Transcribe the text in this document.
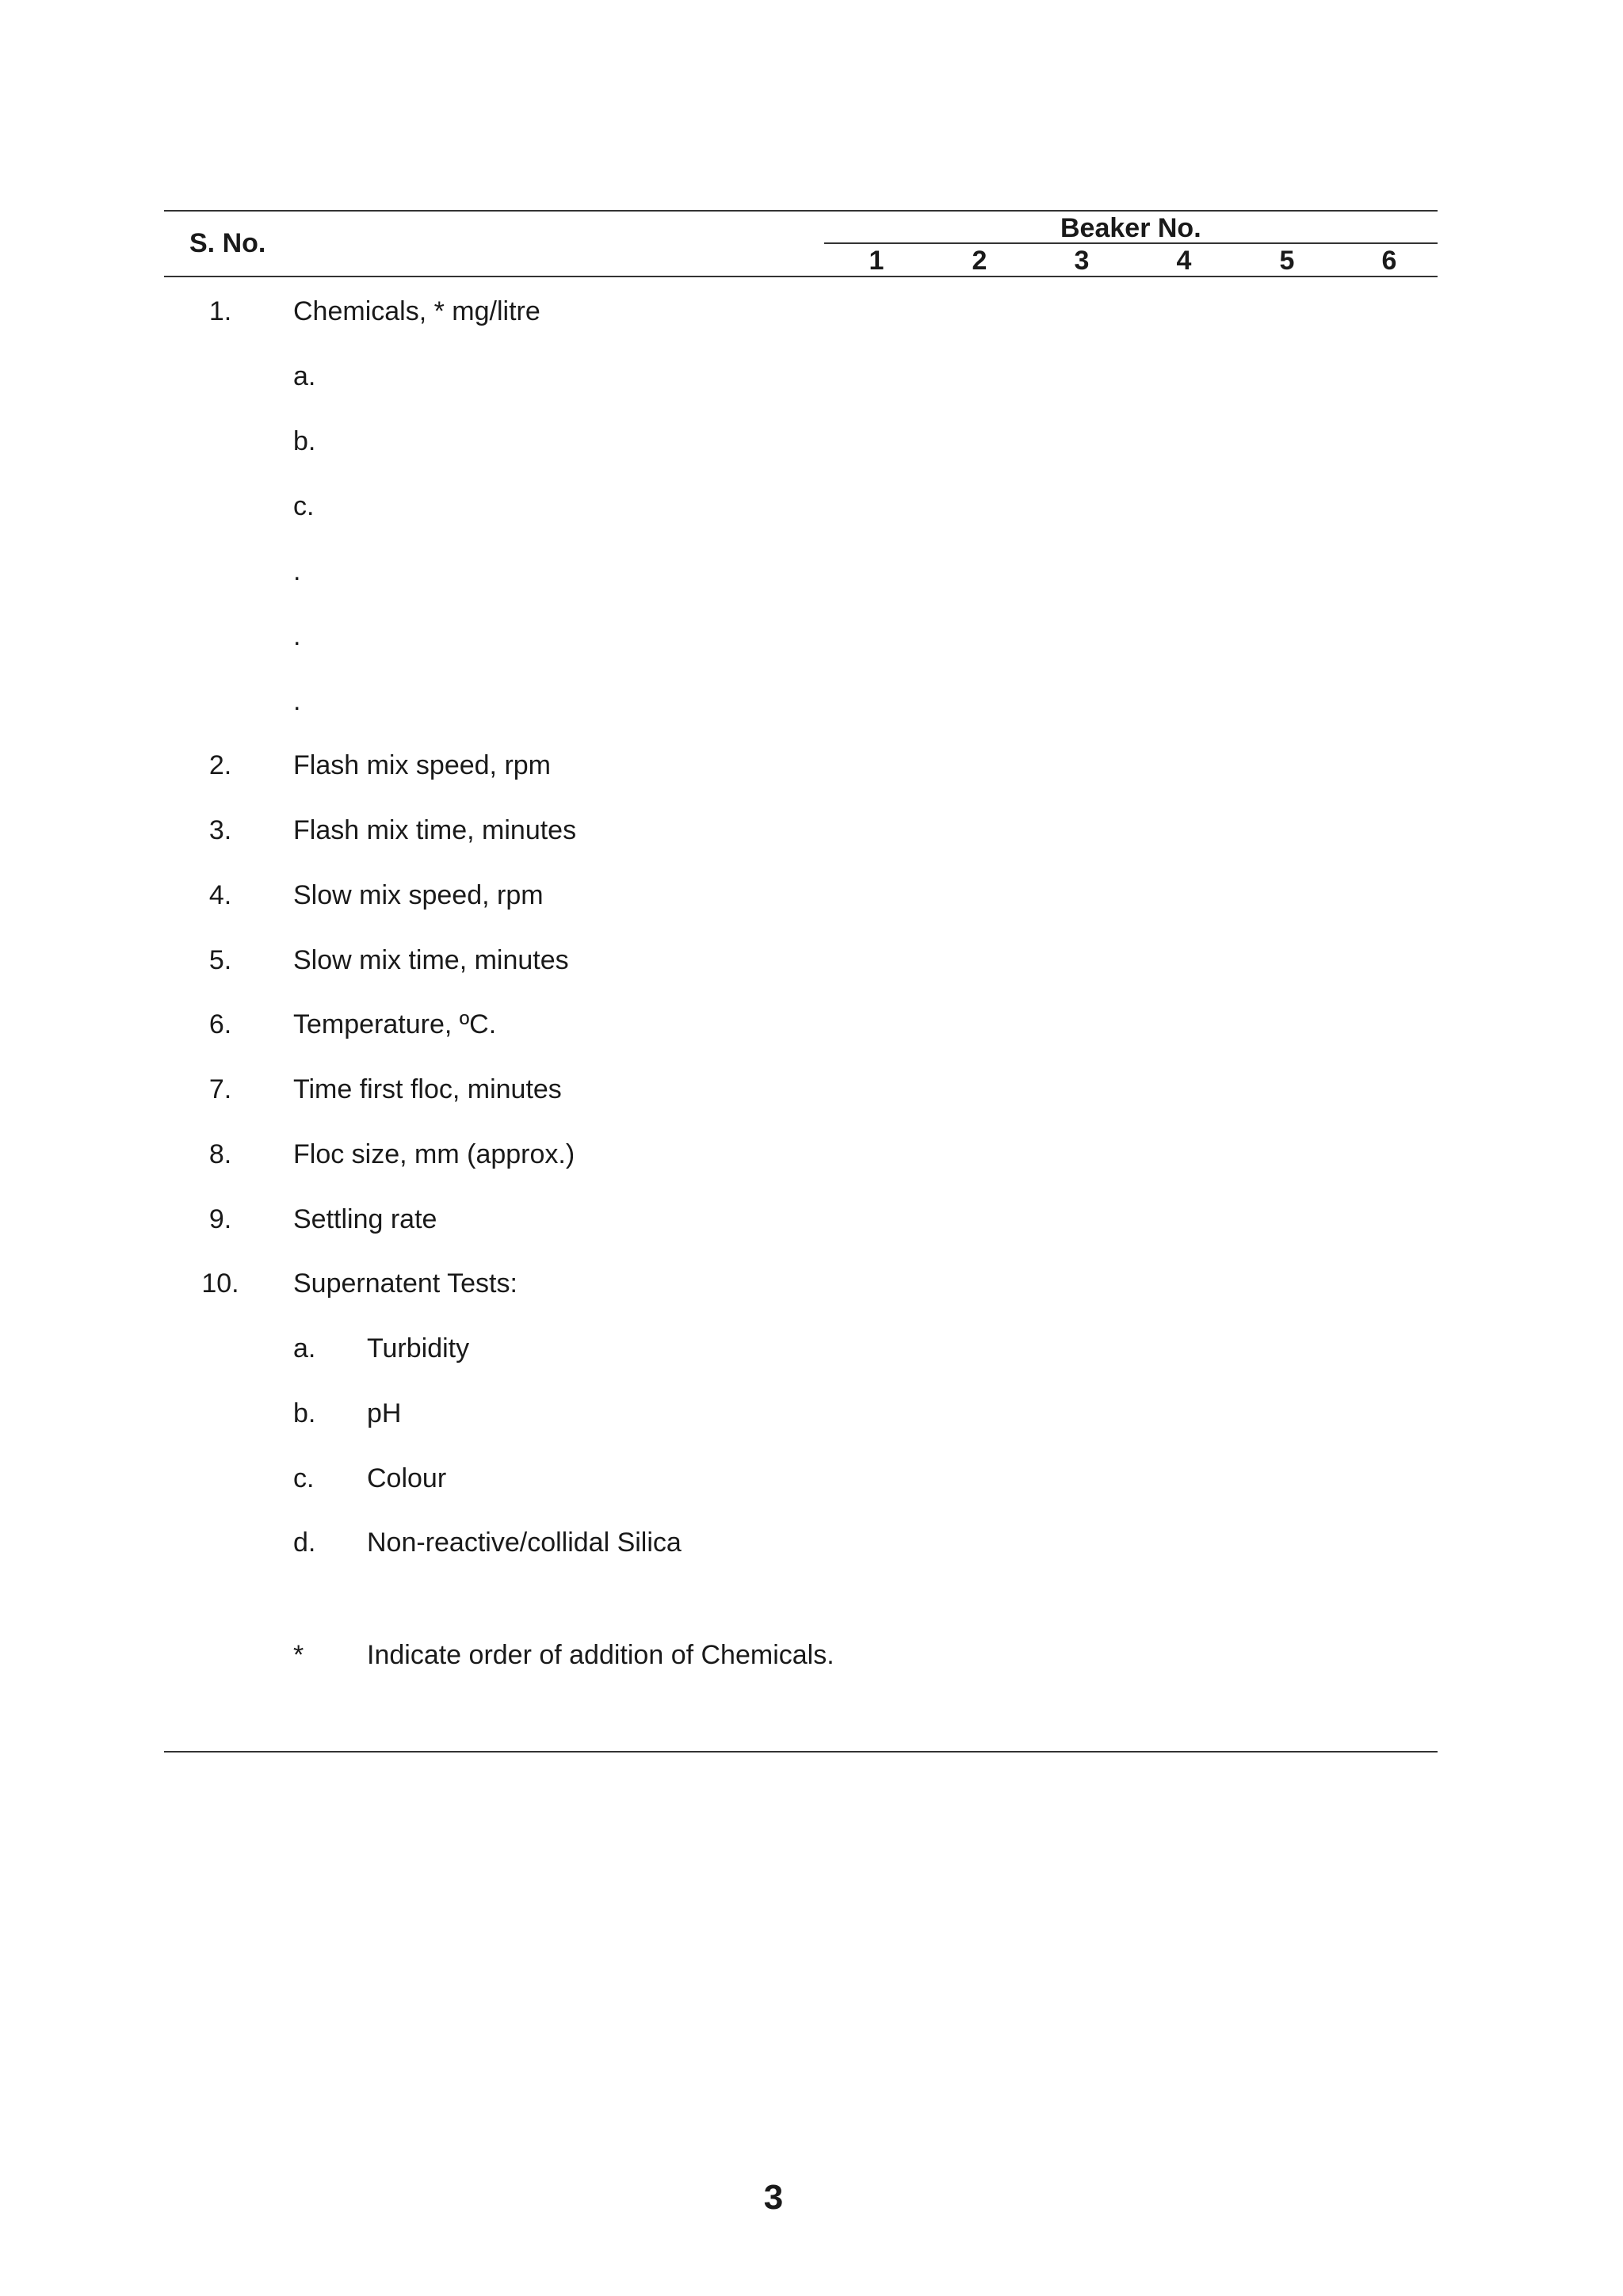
S. No.	Beaker No.
1	2	3	4	5	6
1.	Chemicals, * mg/litre
a.
b.
c.
.
.
.
2.	Flash mix speed, rpm
3.	Flash mix time, minutes
4.	Slow mix speed, rpm
5.	Slow mix time, minutes
6.	Temperature, ºC.
7.	Time first floc, minutes
8.	Floc size, mm (approx.)
9.	Settling rate
10.	Supernatent Tests:
a. Turbidity
b. pH
c. Colour
d. Non-reactive/collidal Silica
* Indicate order of addition of Chemicals.
3
